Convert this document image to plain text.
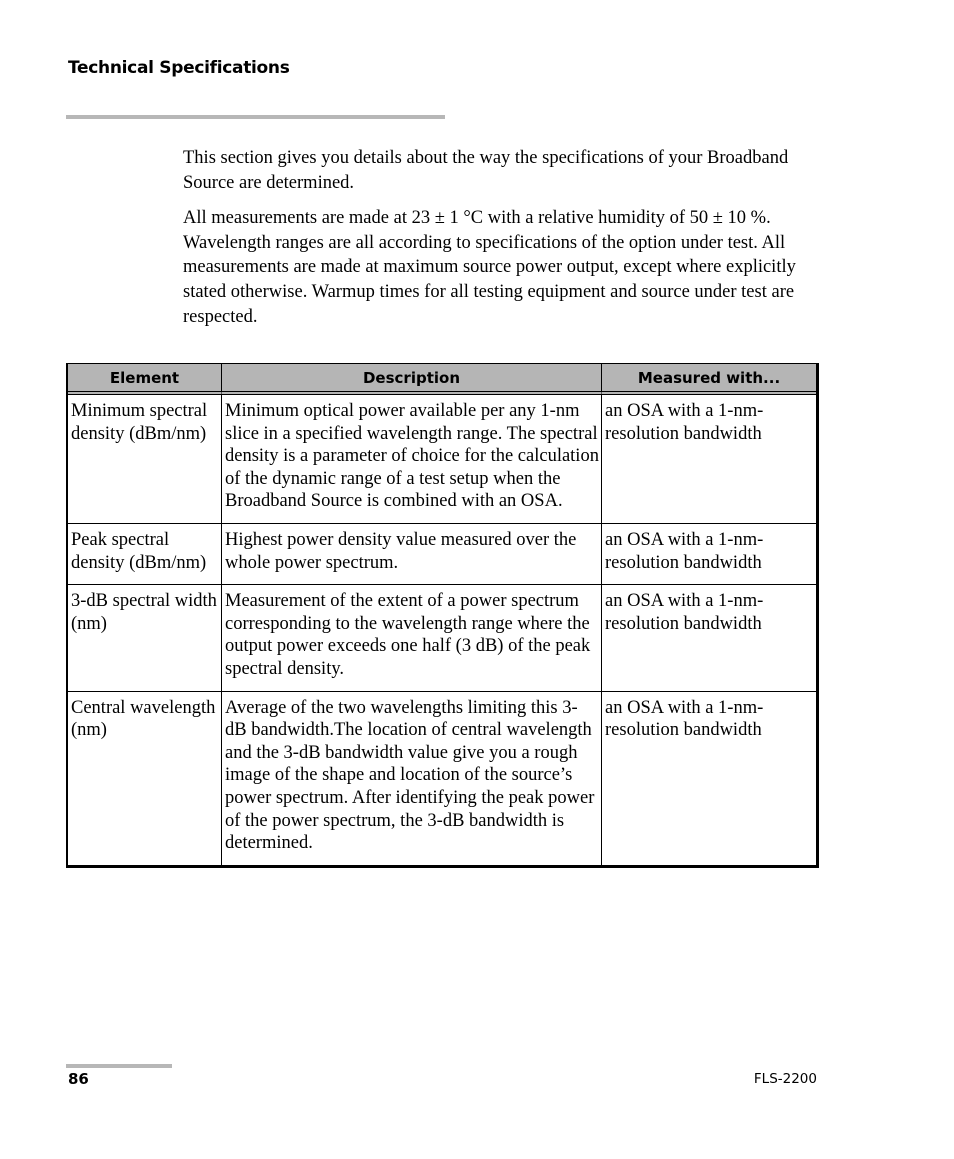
Technical Specifications

This section gives you details about the way the specifications of your Broadband Source are determined.

All measurements are made at 23 ± 1 °C with a relative humidity of 50 ± 10 %. Wavelength ranges are all according to specifications of the option under test. All measurements are made at maximum source power output, except where explicitly stated otherwise. Warmup times for all testing equipment and source under test are respected.

Element	Description	Measured with...
Minimum spectral density (dBm/nm)	Minimum optical power available per any 1-nm slice in a specified wavelength range. The spectral density is a parameter of choice for the calculation of the dynamic range of a test setup when the Broadband Source is combined with an OSA.	an OSA with a 1-nm-resolution bandwidth
Peak spectral density (dBm/nm)	Highest power density value measured over the whole power spectrum.	an OSA with a 1-nm-resolution bandwidth
3-dB spectral width (nm)	Measurement of the extent of a power spectrum corresponding to the wavelength range where the output power exceeds one half (3 dB) of the peak spectral density.	an OSA with a 1-nm-resolution bandwidth
Central wavelength (nm)	Average of the two wavelengths limiting this 3-dB bandwidth.The location of central wavelength and the 3-dB bandwidth value give you a rough image of the shape and location of the source’s power spectrum. After identifying the peak power of the power spectrum, the 3-dB bandwidth is determined.	an OSA with a 1-nm-resolution bandwidth
86	FLS-2200
